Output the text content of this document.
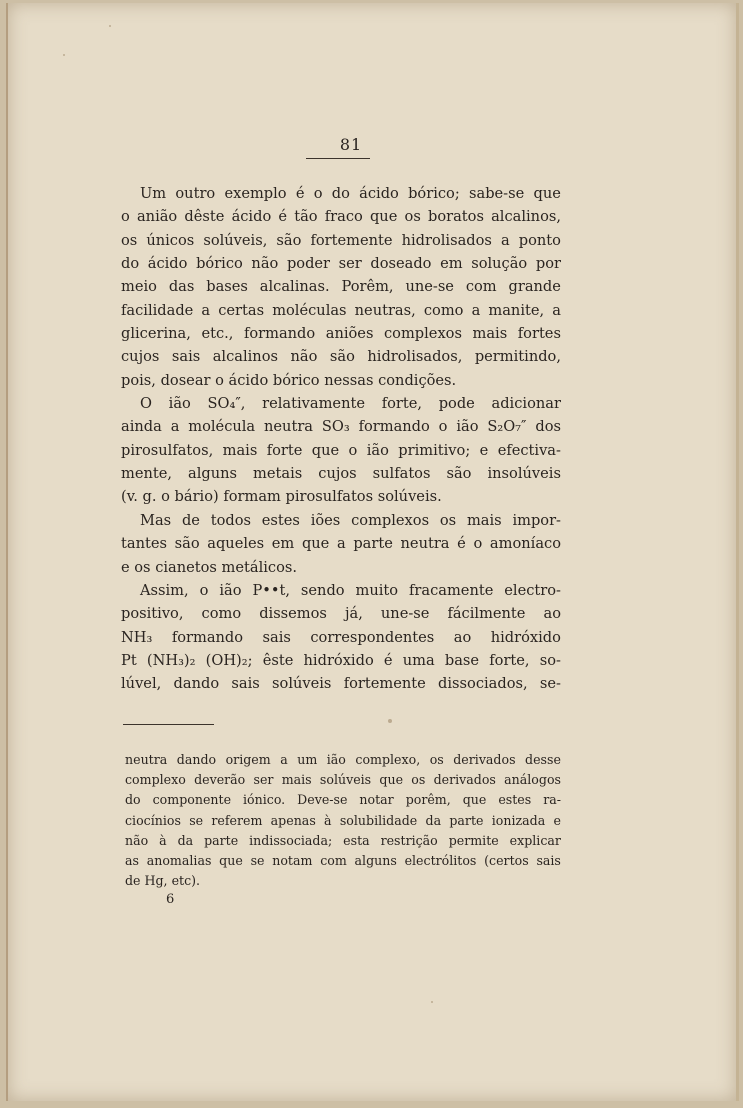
81
Um outro exemplo é o do ácido bórico; sabe-se que
o anião dêste ácido é tão fraco que os boratos alcalinos,
os únicos solúveis, são fortemente hidrolisados a ponto
do ácido bórico não poder ser doseado em solução por
meio das bases alcalinas. Porêm, une-se com grande
facilidade a certas moléculas neutras, como a manite, a
glicerina, etc., formando aniões complexos mais fortes
cujos sais alcalinos não são hidrolisados, permitindo,
pois, dosear o ácido bórico nessas condições.
O ião SO₄″, relativamente forte, pode adicionar
ainda a molécula neutra SO₃ formando o ião S₂O₇″ dos
pirosulfatos, mais forte que o ião primitivo; e efectiva-
mente, alguns metais cujos sulfatos são insolúveis
(v. g. o bário) formam pirosulfatos solúveis.
Mas de todos estes iões complexos os mais impor-
tantes são aqueles em que a parte neutra é o amoníaco
e os cianetos metálicos.
Assim, o ião P••t, sendo muito fracamente electro-
positivo, como dissemos já, une-se fácilmente ao
NH₃ formando sais correspondentes ao hidróxido
Pt (NH₃)₂ (OH)₂; êste hidróxido é uma base forte, so-
lúvel, dando sais solúveis fortemente dissociados, se-
neutra dando origem a um ião complexo, os derivados desse
complexo deverão ser mais solúveis que os derivados análogos
do componente iónico. Deve-se notar porêm, que estes ra-
ciocínios se referem apenas à solubilidade da parte ionizada e
não à da parte indissociada; esta restrição permite explicar
as anomalias que se notam com alguns electrólitos (certos sais
de Hg, etc).
6
